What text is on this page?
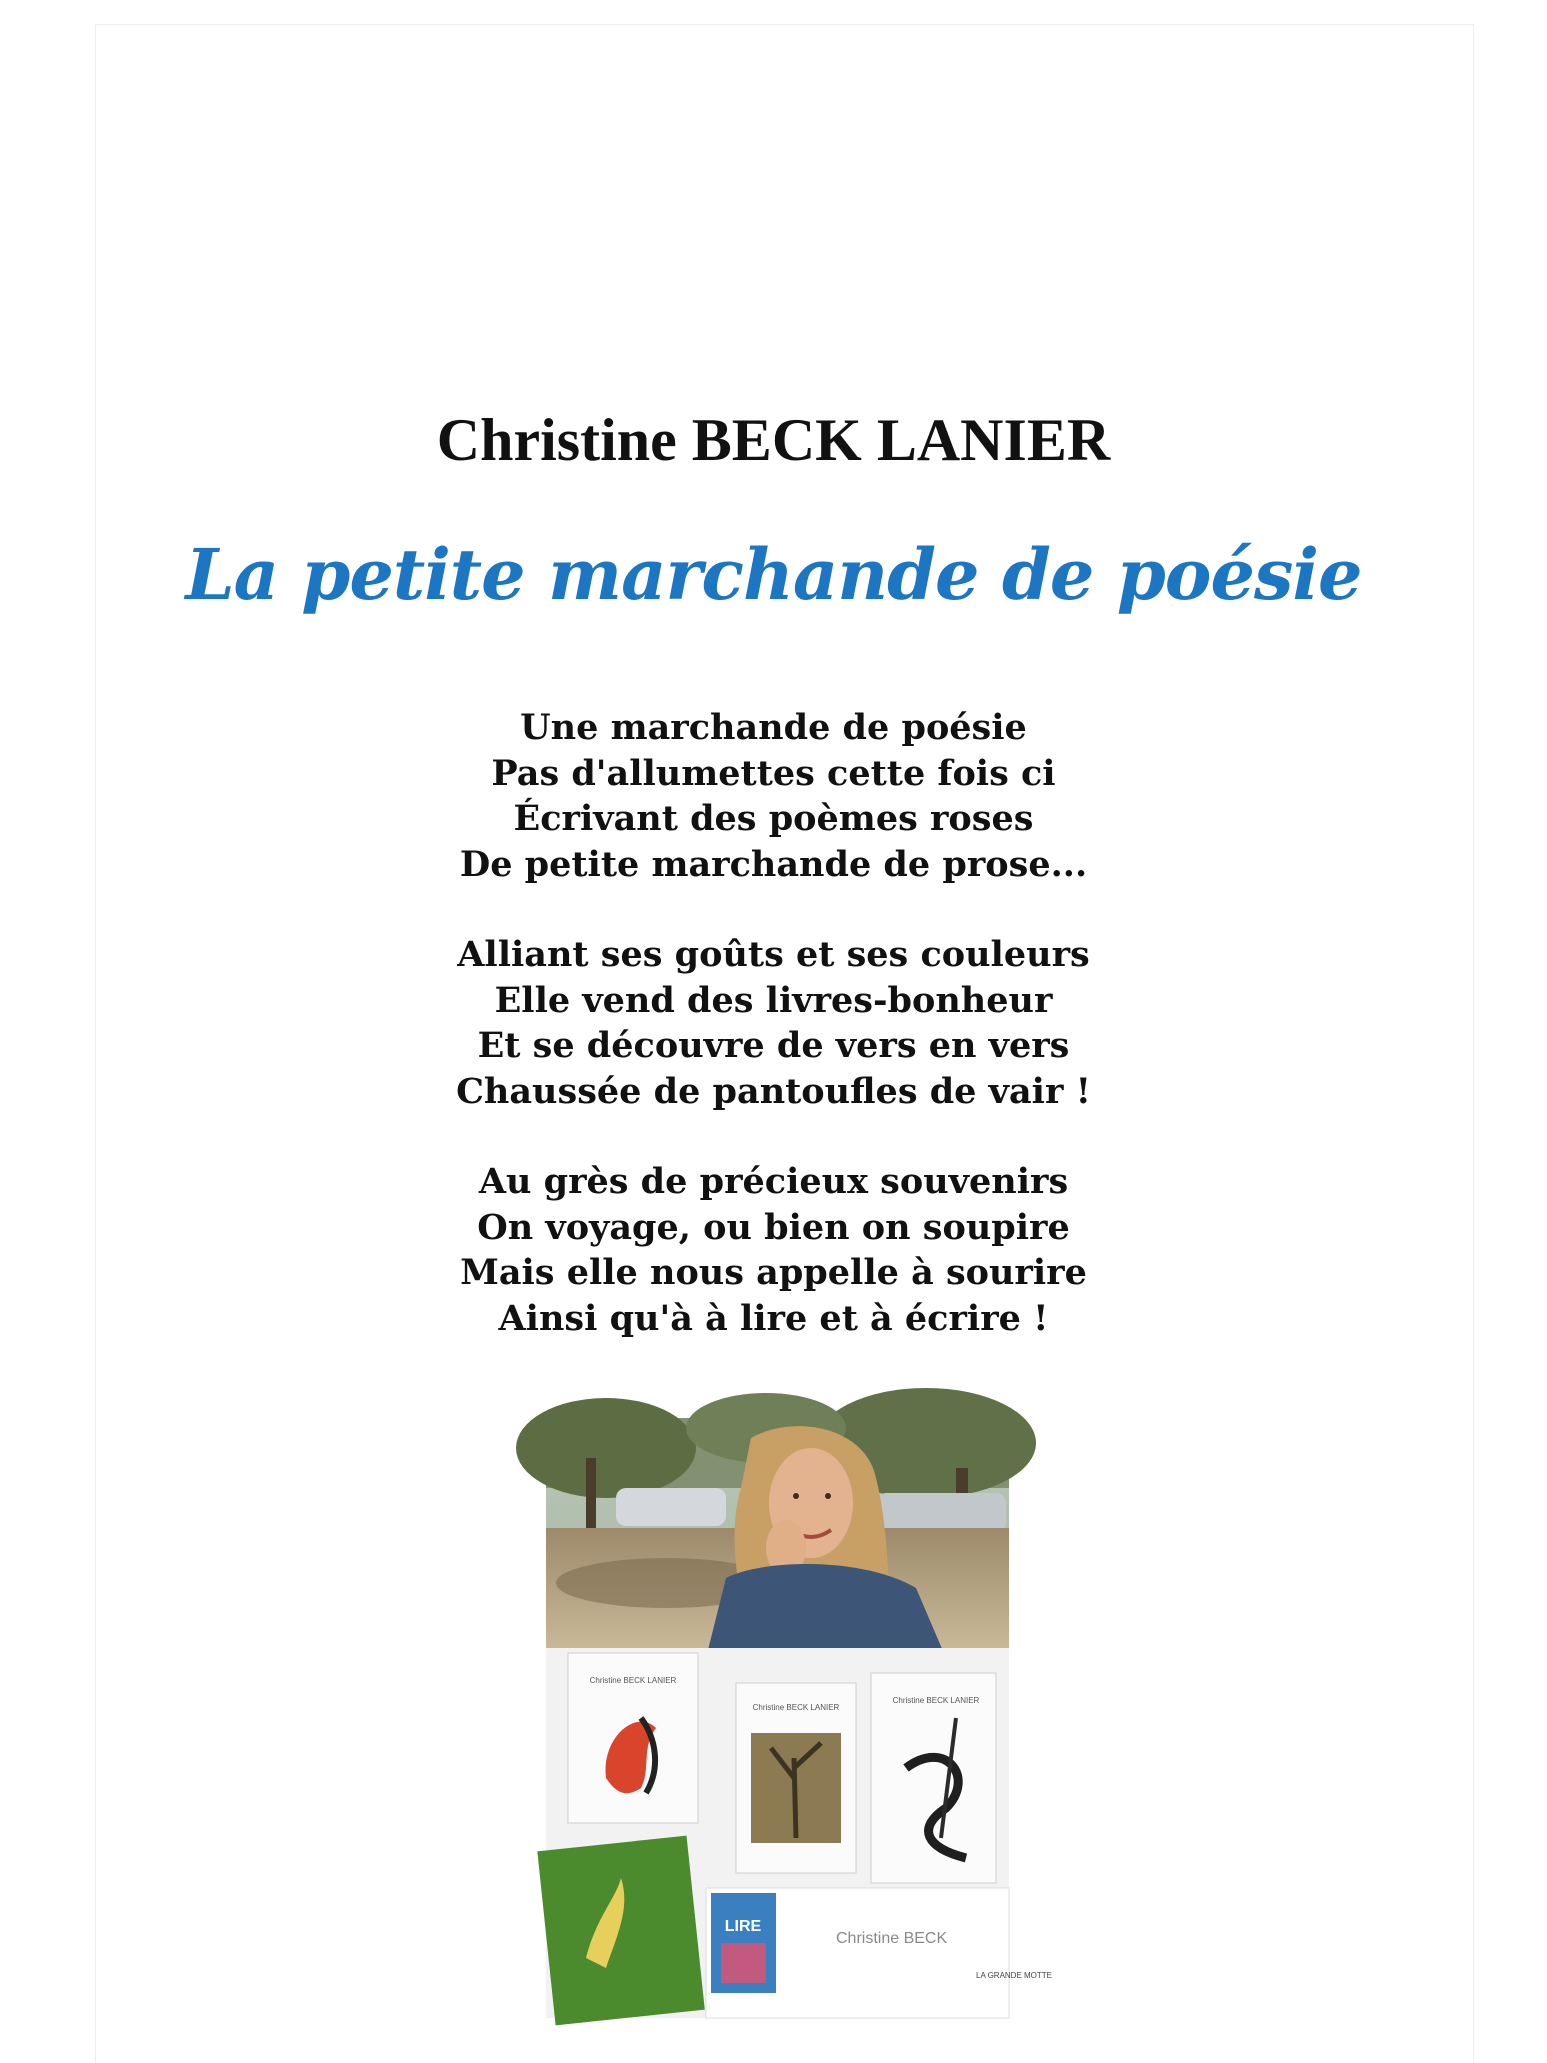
Christine BECK LANIER
La petite marchande de poésie
Une marchande de poésie
Pas d'allumettes cette fois ci
Écrivant des poèmes roses
De petite marchande de prose...
Alliant ses goûts et ses couleurs
Elle vend des livres-bonheur
Et se découvre de vers en vers
Chaussée de pantoufles de vair !
Au grès de précieux souvenirs
On voyage, ou bien on soupire
Mais elle nous appelle à sourire
Ainsi qu'à à lire et à écrire !
Christine BECK LANIER
Christine BECK LANIER
Christine BECK LANIER
Christine BECK
LIRE
LA GRANDE MOTTE
